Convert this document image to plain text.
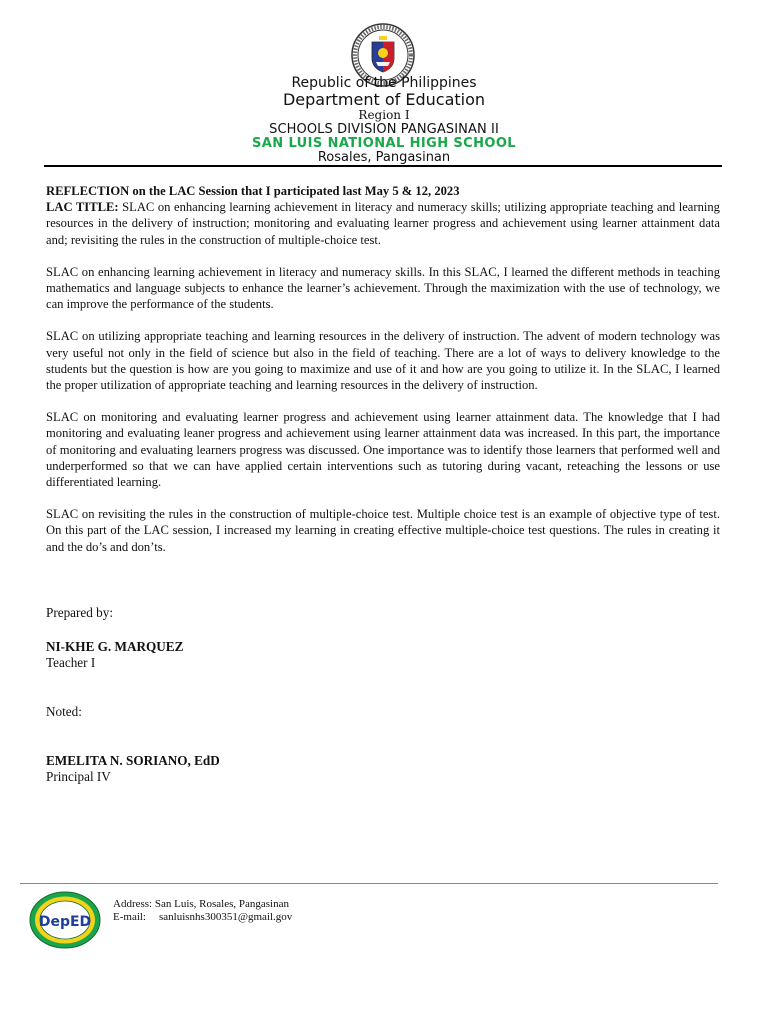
Republic of the Philippines
Department of Education
Region I
SCHOOLS DIVISION PANGASINAN II
SAN LUIS NATIONAL HIGH SCHOOL
Rosales, Pangasinan

REFLECTION on the LAC Session that I participated last May 5 & 12, 2023

LAC TITLE: SLAC on enhancing learning achievement in literacy and numeracy skills; utilizing appropriate teaching and learning resources in the delivery of instruction; monitoring and evaluating learner progress and achievement using learner attainment data and; revisiting the rules in the construction of multiple-choice test.

SLAC on enhancing learning achievement in literacy and numeracy skills. In this SLAC, I learned the different methods in teaching mathematics and language subjects to enhance the learner’s achievement. Through the maximization with the use of technology, we can improve the performance of the students.

SLAC on utilizing appropriate teaching and learning resources in the delivery of instruction. The advent of modern technology was very useful not only in the field of science but also in the field of teaching. There are a lot of ways to delivery knowledge to the students but the question is how are you going to maximize and use of it and how are you going to utilize it. In the SLAC, I learned the proper utilization of appropriate teaching and learning resources in the delivery of instruction.

SLAC on monitoring and evaluating learner progress and achievement using learner attainment data. The knowledge that I had monitoring and evaluating leaner progress and achievement using learner attainment data was increased. In this part, the importance of monitoring and evaluating learners progress was discussed. One importance was to identify those learners that performed well and underperformed so that we can have applied certain interventions such as tutoring during vacant, reteaching the lessons or use differentiated learning.

SLAC on revisiting the rules in the construction of multiple-choice test. Multiple choice test is an example of objective type of test. On this part of the LAC session, I increased my learning in creating effective multiple-choice test questions. The rules in creating it and the do’s and don’ts.

Prepared by:
NI-KHE G. MARQUEZ
Teacher I
Noted:
EMELITA N. SORIANO, EdD
Principal IV
DepED
Address: San Luis, Rosales, Pangasinan
E-mail: sanluisnhs300351@gmail.gov
